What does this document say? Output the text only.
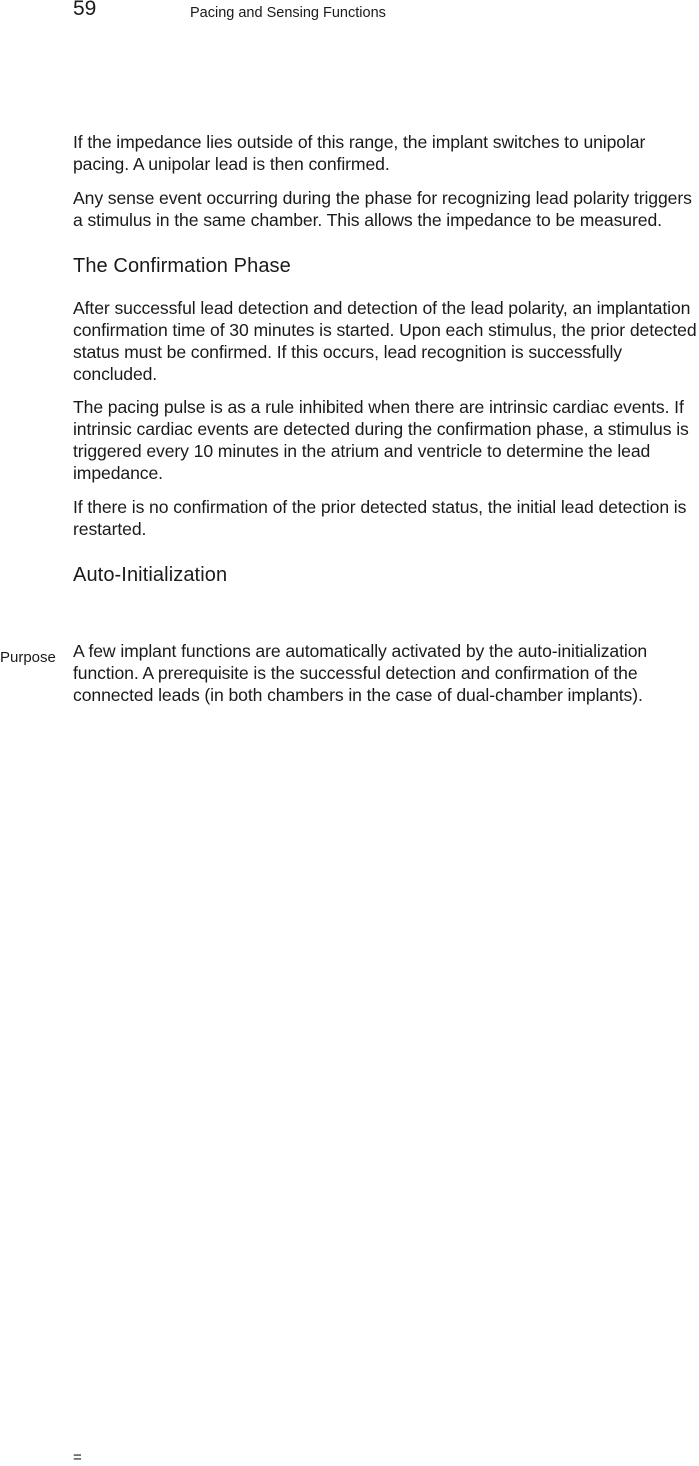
59	Pacing and Sensing Functions

If the impedance lies outside of this range, the implant switches to unipolar pacing. A unipolar lead is then confirmed.

Any sense event occurring during the phase for recognizing lead polarity triggers a stimulus in the same chamber. This allows the impedance to be measured.

The Confirmation Phase

After successful lead detection and detection of the lead polarity, an implantation confirmation time of 30 minutes is started. Upon each stimulus, the prior detected status must be confirmed. If this occurs, lead recognition is successfully concluded.

The pacing pulse is as a rule inhibited when there are intrinsic cardiac events. If intrinsic cardiac events are detected during the confirmation phase, a stimulus is triggered every 10 minutes in the atrium and ventricle to determine the lead impedance.

If there is no confirmation of the prior detected status, the initial lead detection is restarted.

Auto-Initialization

A few implant functions are automatically activated by the auto-initialization function. A prerequisite is the successful detection and confirmation of the connected leads (in both chambers in the case of dual-chamber implants).

Purpose
=
